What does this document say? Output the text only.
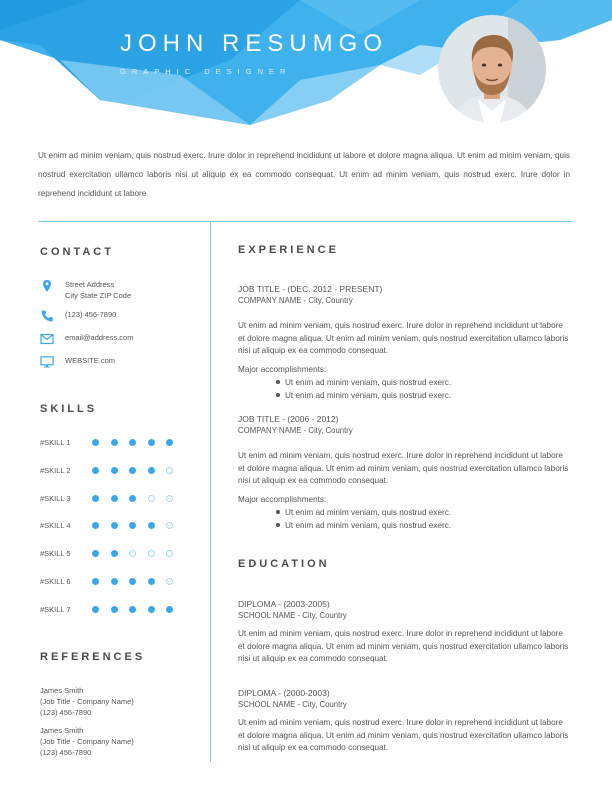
JOHN RESUMGO
GRAPHIC DESIGNER
Ut enim ad minim veniam, quis nostrud exerc. Irure dolor in reprehend incididunt ut labore et dolore magna aliqua. Ut enim ad minim veniam, quis nostrud exercitation ullamco laboris nisi ut aliquip ex ea commodo consequat. Ut enim ad minim veniam, quis nostrud exerc. Irure dolor in reprehend incididunt ut labore
CONTACT
Street Address
City State ZIP Code
(123) 456-7890
email@address.com
WEBSITE.com
SKILLS
#SKILL 1
#SKILL 2
#SKILL 3
#SKILL 4
#SKILL 5
#SKILL 6
#SKILL 7
REFERENCES
James Smith
(Job Title - Company Name)
(123) 456-7890
James Smith
(Job Title - Company Name)
(123) 456-7890
EXPERIENCE
JOB TITLE - (DEC. 2012 - PRESENT)
COMPANY NAME - City, Country
Ut enim ad minim veniam, quis nostrud exerc. Irure dolor in reprehend incididunt ut labore et dolore magna aliqua. Ut enim ad minim veniam, quis nostrud exercitation ullamco laboris nisi ut aliquip ex ea commodo consequat.
Major accomplishments:
Ut enim ad minim veniam, quis nostrud exerc.
Ut enim ad minim veniam, quis nostrud exerc.
JOB TITLE - (2006 - 2012)
COMPANY NAME - City, Country
Ut enim ad minim veniam, quis nostrud exerc. Irure dolor in reprehend incididunt ut labore et dolore magna aliqua. Ut enim ad minim veniam, quis nostrud exercitation ullamco laboris nisi ut aliquip ex ea commodo consequat.
Major accomplishments:
Ut enim ad minim veniam, quis nostrud exerc.
Ut enim ad minim veniam, quis nostrud exerc.
EDUCATION
DIPLOMA - (2003-2005)
SCHOOL NAME - City, Country
Ut enim ad minim veniam, quis nostrud exerc. Irure dolor in reprehend incididunt ut labore et dolore magna aliqua. Ut enim ad minim veniam, quis nostrud exercitation ullamco laboris nisi ut aliquip ex ea commodo consequat.
DIPLOMA - (2000-2003)
SCHOOL NAME - City, Country
Ut enim ad minim veniam, quis nostrud exerc. Irure dolor in reprehend incididunt ut labore et dolore magna aliqua. Ut enim ad minim veniam, quis nostrud exercitation ullamco laboris nisi ut aliquip ex ea commodo consequat.
